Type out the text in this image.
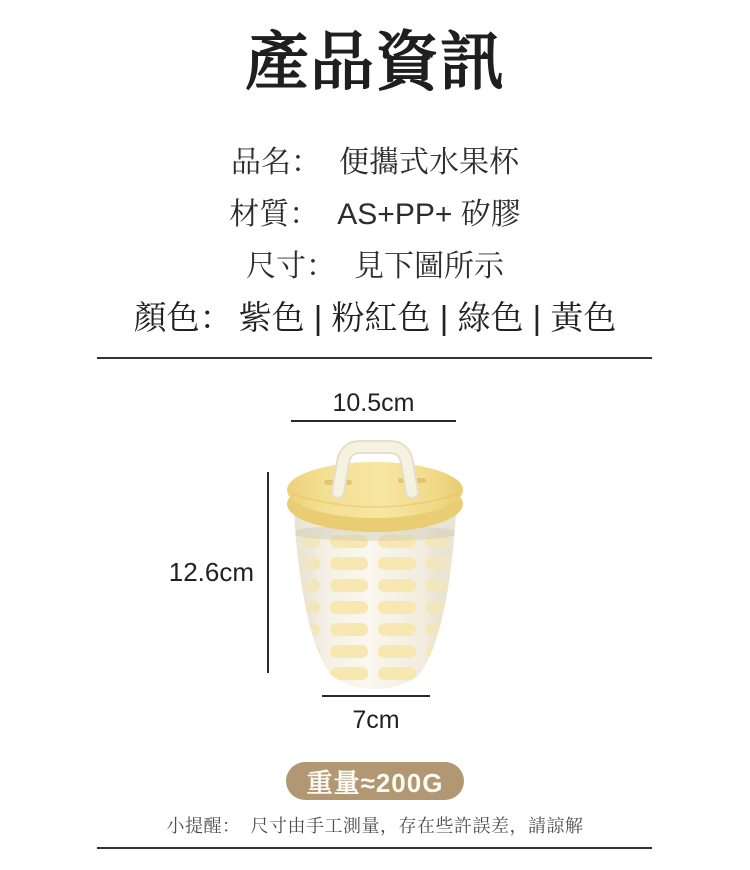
產品資訊
品名： 便攜式水果杯
材質： AS+PP+ 矽膠
尺寸： 見下圖所示
顏色： 紫色 | 粉紅色 | 綠色 | 黃色
10.5cm
12.6cm
7cm
重量≈200G
小提醒： 尺寸由手工測量，存在些許誤差，請諒解
